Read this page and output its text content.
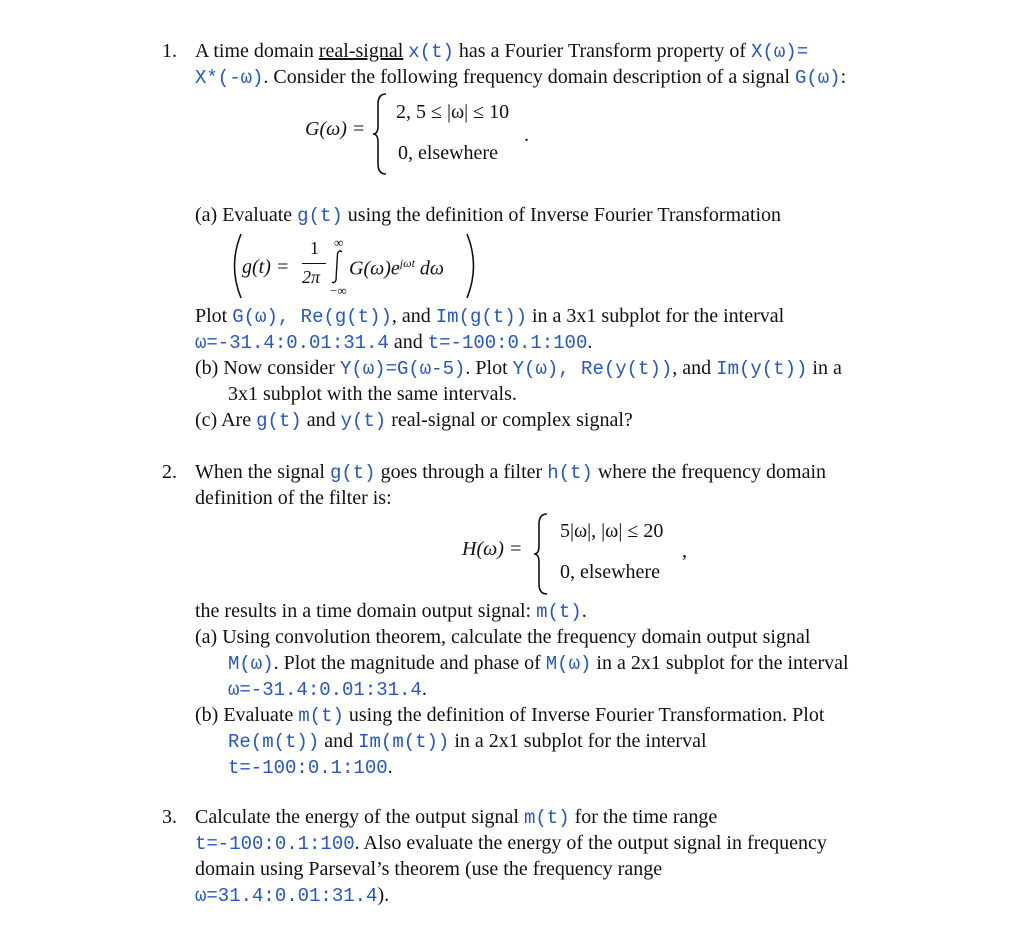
1. A time domain real-signal x(t) has a Fourier Transform property of X(ω)=
X*(-ω). Consider the following frequency domain description of a signal G(ω):
G(ω) =
2, 5 ≤ |ω| ≤ 10
0, elsewhere
.
(a) Evaluate g(t) using the definition of Inverse Fourier Transformation
g(t) =
1
2π
∞
−∞
$G(\omega)e^{j\omega t}$ dω
Plot G(ω), Re(g(t)), and Im(g(t)) in a 3x1 subplot for the interval
ω=-31.4:0.01:31.4 and t=-100:0.1:100.
(b) Now consider Y(ω)=G(ω-5). Plot Y(ω), Re(y(t)), and Im(y(t)) in a
3x1 subplot with the same intervals.
(c) Are g(t) and y(t) real-signal or complex signal?
2. When the signal g(t) goes through a filter h(t) where the frequency domain
definition of the filter is:
H(ω) =
5|ω|, |ω| ≤ 20
0, elsewhere
,
the results in a time domain output signal: m(t).
(a) Using convolution theorem, calculate the frequency domain output signal
M(ω). Plot the magnitude and phase of M(ω) in a 2x1 subplot for the interval
ω=-31.4:0.01:31.4.
(b) Evaluate m(t) using the definition of Inverse Fourier Transformation. Plot
Re(m(t)) and Im(m(t)) in a 2x1 subplot for the interval
t=-100:0.1:100.
3. Calculate the energy of the output signal m(t) for the time range
t=-100:0.1:100. Also evaluate the energy of the output signal in frequency
domain using Parseval’s theorem (use the frequency range
ω=31.4:0.01:31.4).
